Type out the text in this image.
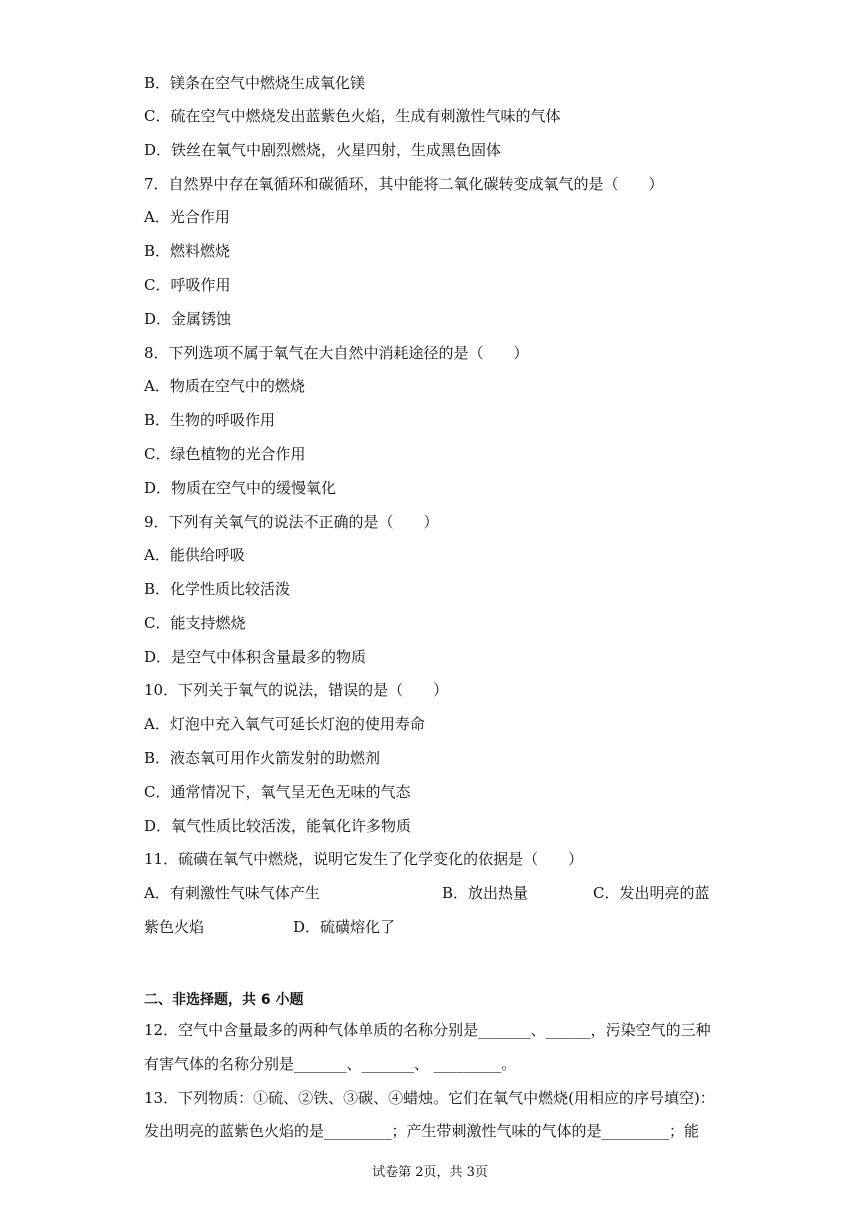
B．镁条在空气中燃烧生成氧化镁
C．硫在空气中燃烧发出蓝紫色火焰，生成有刺激性气味的气体
D．铁丝在氧气中剧烈燃烧，火星四射，生成黑色固体
7．自然界中存在氧循环和碳循环，其中能将二氧化碳转变成氧气的是（　　）
A．光合作用
B．燃料燃烧
C．呼吸作用
D．金属锈蚀
8．下列选项不属于氧气在大自然中消耗途径的是（　　）
A．物质在空气中的燃烧
B．生物的呼吸作用
C．绿色植物的光合作用
D．物质在空气中的缓慢氧化
9．下列有关氧气的说法不正确的是（　　）
A．能供给呼吸
B．化学性质比较活泼
C．能支持燃烧
D．是空气中体积含量最多的物质
10．下列关于氧气的说法，错误的是（　　）
A．灯泡中充入氧气可延长灯泡的使用寿命
B．液态氧可用作火箭发射的助燃剂
C．通常情况下，氧气呈无色无味的气态
D．氧气性质比较活泼，能氧化许多物质
11．硫磺在氧气中燃烧，说明它发生了化学变化的依据是（　　）
A．有刺激性气味气体产生	B．放出热量	C．发出明亮的蓝
紫色火焰	D．硫磺熔化了
二、非选择题，共 6 小题
12．空气中含量最多的两种气体单质的名称分别是_______、______，污染空气的三种
有害气体的名称分别是_______、_______、 _________。
13．下列物质：①硫、②铁、③碳、④蜡烛。它们在氧气中燃烧(用相应的序号填空)：
发出明亮的蓝紫色火焰的是_________；产生带刺激性气味的气体的是_________；能
试卷第 2页，共 3页
